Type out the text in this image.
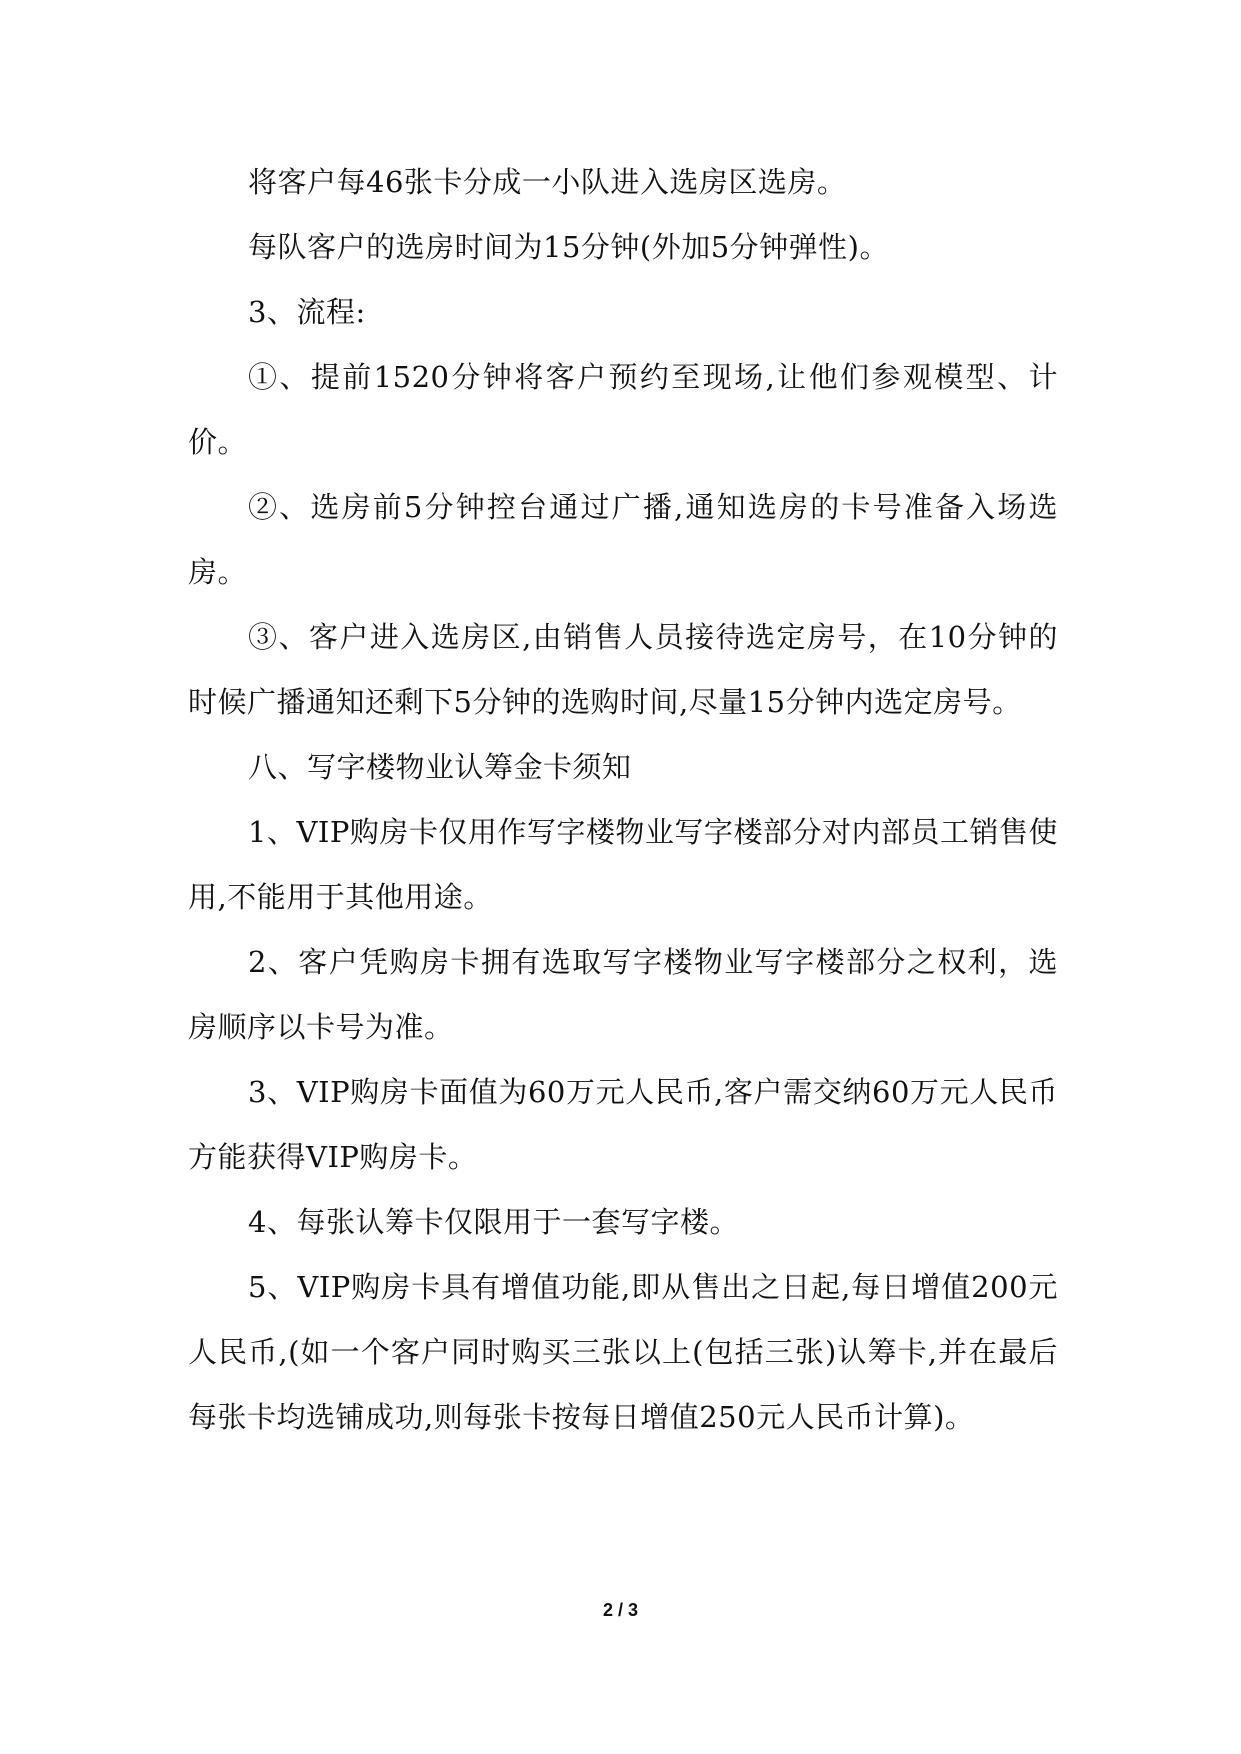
将客户每46张卡分成一小队进入选房区选房。

每队客户的选房时间为15分钟(外加5分钟弹性)。

3、流程:

①、提前1520分钟将客户预约至现场,让他们参观模型、计价。

②、选房前5分钟控台通过广播,通知选房的卡号准备入场选房。

③、客户进入选房区,由销售人员接待选定房号，在10分钟的时候广播通知还剩下5分钟的选购时间,尽量15分钟内选定房号。

八、写字楼物业认筹金卡须知

1、VIP购房卡仅用作写字楼物业写字楼部分对内部员工销售使用,不能用于其他用途。

2、客户凭购房卡拥有选取写字楼物业写字楼部分之权利，选房顺序以卡号为准。

3、VIP购房卡面值为60万元人民币,客户需交纳60万元人民币方能获得VIP购房卡。

4、每张认筹卡仅限用于一套写字楼。

5、VIP购房卡具有增值功能,即从售出之日起,每日增值200元人民币,(如一个客户同时购买三张以上(包括三张)认筹卡,并在最后每张卡均选铺成功,则每张卡按每日增值250元人民币计算)。

2 / 3
